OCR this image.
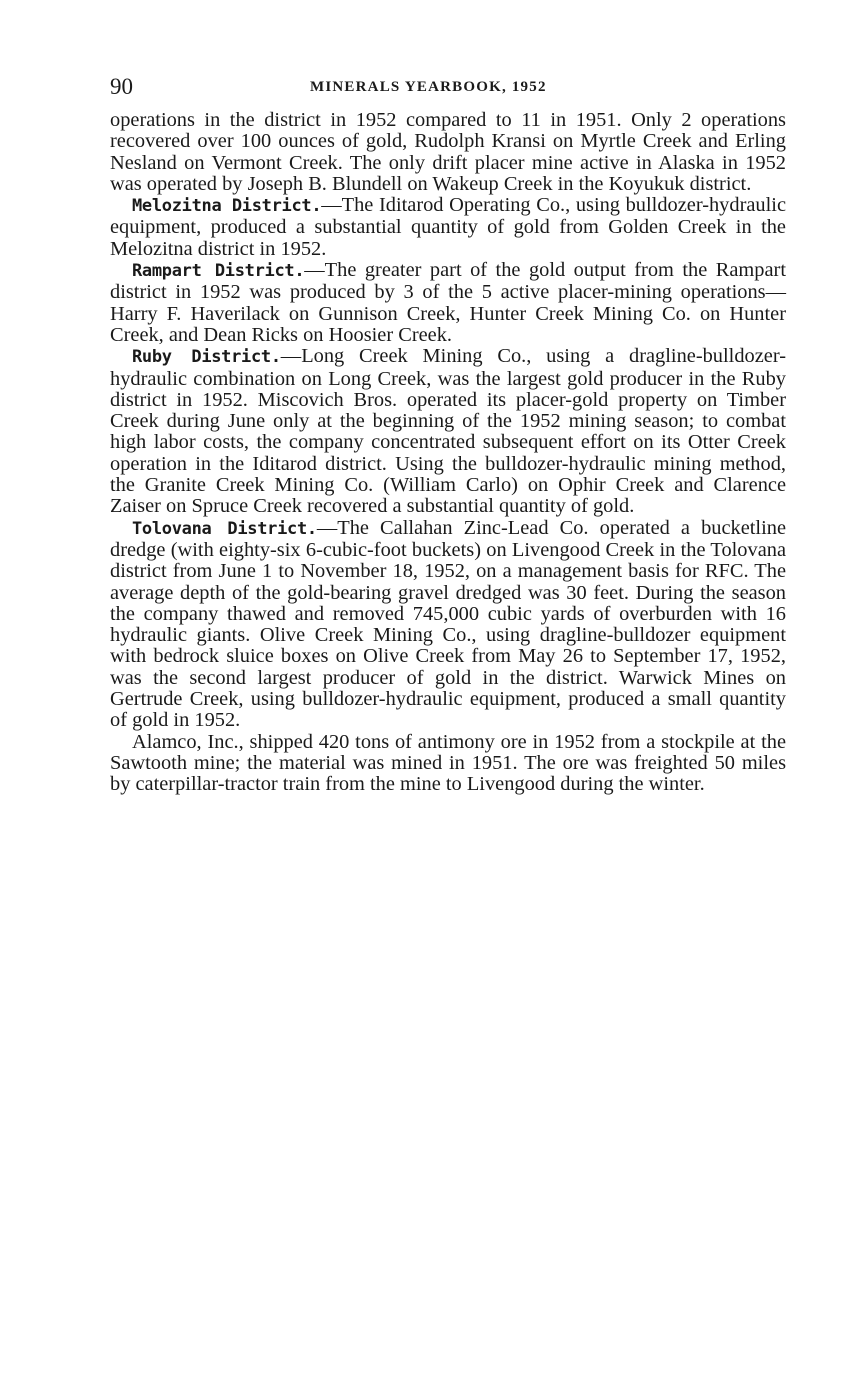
90	MINERALS YEARBOOK, 1952

operations in the district in 1952 compared to 11 in 1951. Only 2 operations recovered over 100 ounces of gold, Rudolph Kransi on Myrtle Creek and Erling Nesland on Vermont Creek. The only drift placer mine active in Alaska in 1952 was operated by Joseph B. Blundell on Wakeup Creek in the Koyukuk district.

Melozitna District.—The Iditarod Operating Co., using bulldozer-hydraulic equipment, produced a substantial quantity of gold from Golden Creek in the Melozitna district in 1952.

Rampart District.—The greater part of the gold output from the Rampart district in 1952 was produced by 3 of the 5 active placer-mining operations—Harry F. Haverilack on Gunnison Creek, Hunter Creek Mining Co. on Hunter Creek, and Dean Ricks on Hoosier Creek.

Ruby District.—Long Creek Mining Co., using a dragline-bulldozer-hydraulic combination on Long Creek, was the largest gold producer in the Ruby district in 1952. Miscovich Bros. operated its placer-gold property on Timber Creek during June only at the beginning of the 1952 mining season; to combat high labor costs, the company concentrated subsequent effort on its Otter Creek operation in the Iditarod district. Using the bulldozer-hydraulic mining method, the Granite Creek Mining Co. (William Carlo) on Ophir Creek and Clarence Zaiser on Spruce Creek recovered a substantial quantity of gold.

Tolovana District.—The Callahan Zinc-Lead Co. operated a bucketline dredge (with eighty-six 6-cubic-foot buckets) on Livengood Creek in the Tolovana district from June 1 to November 18, 1952, on a management basis for RFC. The average depth of the gold-bearing gravel dredged was 30 feet. During the season the company thawed and removed 745,000 cubic yards of overburden with 16 hydraulic giants. Olive Creek Mining Co., using dragline-bulldozer equipment with bedrock sluice boxes on Olive Creek from May 26 to September 17, 1952, was the second largest producer of gold in the district. Warwick Mines on Gertrude Creek, using bulldozer-hydraulic equipment, produced a small quantity of gold in 1952.

Alamco, Inc., shipped 420 tons of antimony ore in 1952 from a stockpile at the Sawtooth mine; the material was mined in 1951. The ore was freighted 50 miles by caterpillar-tractor train from the mine to Livengood during the winter.
